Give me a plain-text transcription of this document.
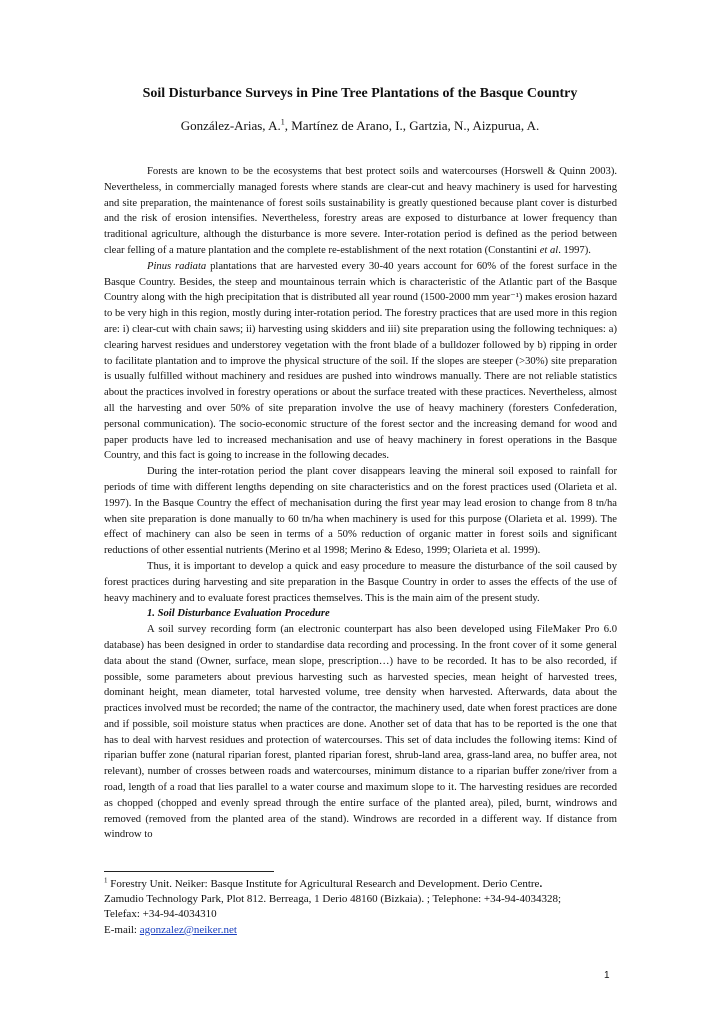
Soil Disturbance Surveys in Pine Tree Plantations of the Basque Country
González-Arias, A.$^1$, Martínez de Arano, I., Gartzia, N., Aizpurua, A.

Forests are known to be the ecosystems that best protect soils and watercourses (Horswell & Quinn 2003). Nevertheless, in commercially managed forests where stands are clear-cut and heavy machinery is used for harvesting and site preparation, the maintenance of forest soils sustainability is greatly questioned because plant cover is disturbed and the risk of erosion intensifies. Nevertheless, forestry areas are exposed to disturbance at lower frequency than traditional agriculture, although the disturbance is more severe. Inter-rotation period is defined as the period between clear felling of a mature plantation and the complete re-establishment of the next rotation (Constantini et al. 1997).

Pinus radiata plantations that are harvested every 30-40 years account for 60% of the forest surface in the Basque Country. Besides, the steep and mountainous terrain which is characteristic of the Atlantic part of the Basque Country along with the high precipitation that is distributed all year round (1500-2000 mm year⁻¹) makes erosion hazard to be very high in this region, mostly during inter-rotation period. The forestry practices that are used more in this region are: i) clear-cut with chain saws; ii) harvesting using skidders and iii) site preparation using the following techniques: a) clearing harvest residues and understorey vegetation with the front blade of a bulldozer followed by b) ripping in order to facilitate plantation and to improve the physical structure of the soil. If the slopes are steeper (>30%) site preparation is usually fulfilled without machinery and residues are pushed into windrows manually. There are not reliable statistics about the practices involved in forestry operations or about the surface treated with these practices. Nevertheless, almost all the harvesting and over 50% of site preparation involve the use of heavy machinery (foresters Confederation, personal communication). The socio-economic structure of the forest sector and the increasing demand for wood and paper products have led to increased mechanisation and use of heavy machinery in forest operations in the Basque Country, and this fact is going to increase in the following decades.

During the inter-rotation period the plant cover disappears leaving the mineral soil exposed to rainfall for periods of time with different lengths depending on site characteristics and on the forest practices used (Olarieta et al. 1997). In the Basque Country the effect of mechanisation during the first year may lead erosion to change from 8 tn/ha when site preparation is done manually to 60 tn/ha when machinery is used for this purpose (Olarieta et al. 1999). The effect of machinery can also be seen in terms of a 50% reduction of organic matter in forest soils and significant reductions of other essential nutrients (Merino et al 1998; Merino & Edeso, 1999; Olarieta et al. 1999).

Thus, it is important to develop a quick and easy procedure to measure the disturbance of the soil caused by forest practices during harvesting and site preparation in the Basque Country in order to asses the effects of the use of heavy machinery and to evaluate forest practices themselves. This is the main aim of the present study.

1. Soil Disturbance Evaluation Procedure

A soil survey recording form (an electronic counterpart has also been developed using FileMaker Pro 6.0 database) has been designed in order to standardise data recording and processing. In the front cover of it some general data about the stand (Owner, surface, mean slope, prescription…) have to be recorded. It has to be also recorded, if possible, some parameters about previous harvesting such as harvested species, mean height of harvested trees, dominant height, mean diameter, total harvested volume, tree density when harvested. Afterwards, data about the practices involved must be recorded; the name of the contractor, the machinery used, date when forest practices are done and if possible, soil moisture status when practices are done. Another set of data that has to be reported is the one that has to deal with harvest residues and protection of watercourses. This set of data includes the following items: Kind of riparian buffer zone (natural riparian forest, planted riparian forest, shrub-land area, grass-land area, no buffer area, not relevant), number of crosses between roads and watercourses, minimum distance to a riparian buffer zone/river from a road, length of a road that lies parallel to a water course and maximum slope to it. The harvesting residues are recorded as chopped (chopped and evenly spread through the entire surface of the planted area), piled, burnt, windrows and removed (removed from the planted area of the stand). Windrows are recorded in a different way. If distance from windrow to

$^1$ Forestry Unit. Neiker: Basque Institute for Agricultural Research and Development. Derio Centre.
Zamudio Technology Park, Plot 812. Berreaga, 1 Derio 48160 (Bizkaia). ; Telephone: +34-94-4034328;
Telefax: +34-94-4034310
E-mail: agonzalez@neiker.net
1
